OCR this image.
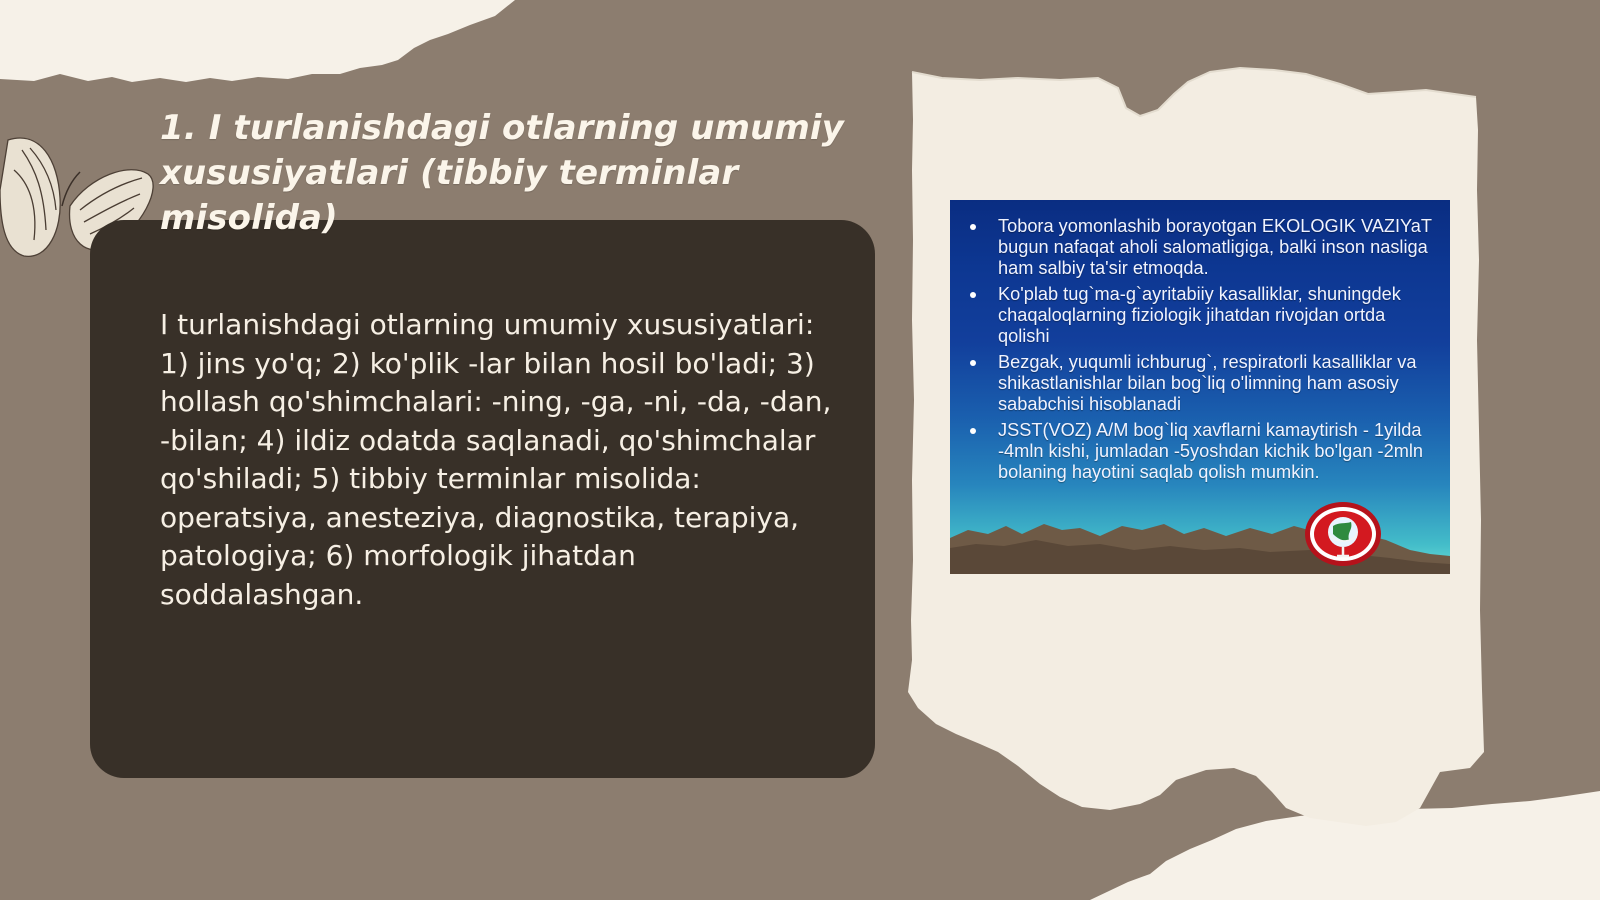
1. I turlanishdagi otlarning umumiy xususiyatlari (tibbiy terminlar misolida)

I turlanishdagi otlarning umumiy xususiyatlari: 1) jins yo'q; 2) ko'plik -lar bilan hosil bo'ladi; 3) hollash qo'shimchalari: -ning, -ga, -ni, -da, -dan, -bilan; 4) ildiz odatda saqlanadi, qo'shimchalar qo'shiladi; 5) tibbiy terminlar misolida: operatsiya, anesteziya, diagnostika, terapiya, patologiya; 6) morfologik jihatdan soddalashgan.

Tobora yomonlashib borayotgan EKOLOGIK VAZIYaT bugun nafaqat aholi salomatligiga, balki inson nasliga ham salbiy ta'sir etmoqda.
Ko'plab tug`ma-g`ayritabiiy kasalliklar, shuningdek chaqaloqlarning fiziologik jihatdan rivojdan ortda qolishi
Bezgak, yuqumli ichburug`, respiratorli kasalliklar va shikastlanishlar bilan bog`liq o'limning ham asosiy sababchisi hisoblanadi
JSST(VOZ) A/M bog`liq xavflarni kamaytirish - 1yilda -4mln kishi, jumladan -5yoshdan kichik bo'lgan -2mln bolaning hayotini saqlab qolish mumkin.
